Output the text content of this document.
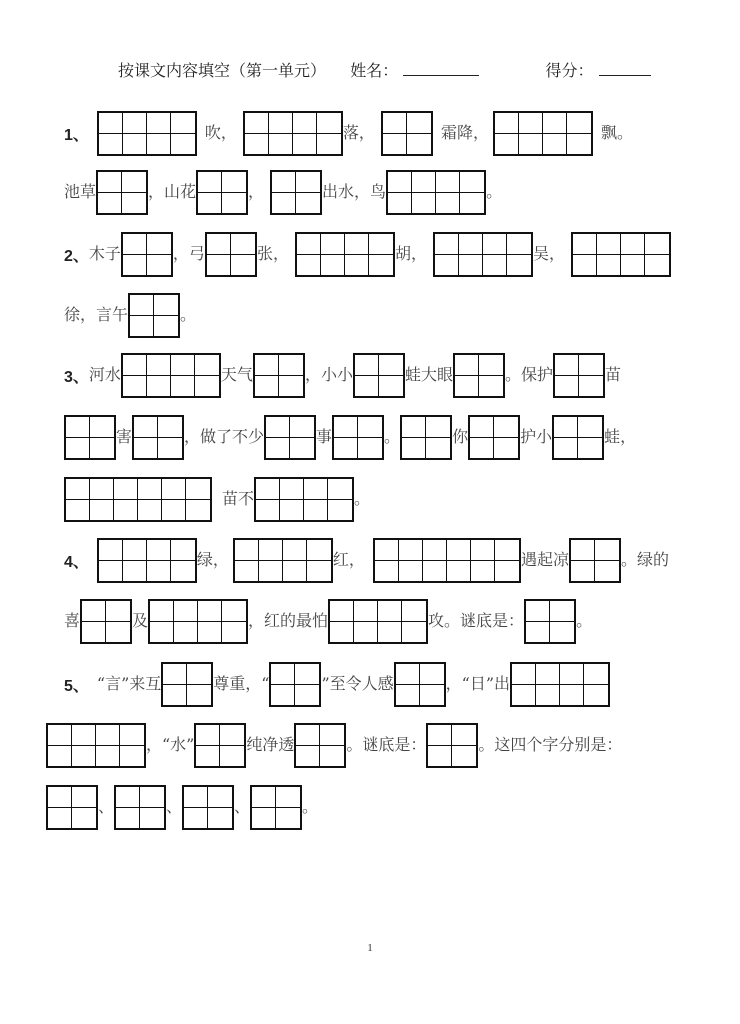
按课文内容填空（第一单元） 姓名：	得分：
1、	吹，	落，	霜降，	飘。
池草	，山花	，	出水，鸟	。
2、 木子	，弓	张，	胡，	吴，
徐，言午	。
3、 河水	天气	，小小	蛙大眼	。保护	苗
害	，做了不少	事	。	你	护小	蛙，
苗不	。
4、	绿，	红，	遇起凉	。绿的
喜	及	，红的最怕	攻。谜底是：	。
5、 “言”来互	尊重，“	”至令人感	，“日”出
，“水”	纯净透	。谜底是：	。这四个字分别是：
、	、	、	。
1
